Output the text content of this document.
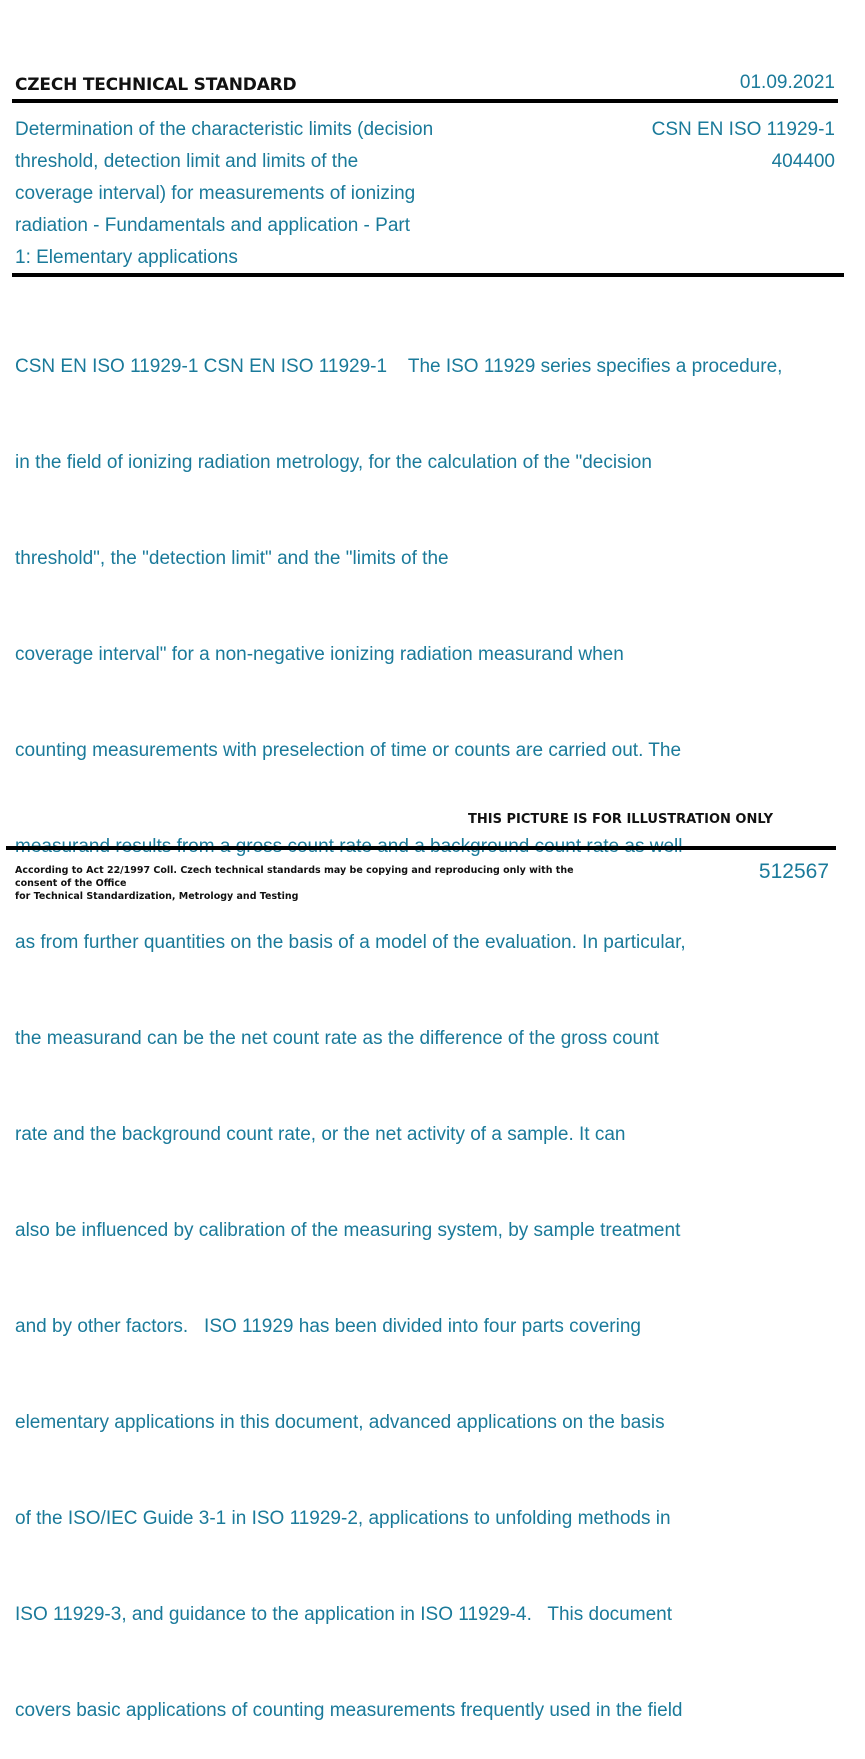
CZECH TECHNICAL STANDARD	01.09.2021
Determination of the characteristic limits (decision
threshold, detection limit and limits of the
coverage interval) for measurements of ionizing
radiation - Fundamentals and application - Part
1: Elementary applications
CSN EN ISO 11929-1
404400

CSN EN ISO 11929-1 CSN EN ISO 11929-1    The ISO 11929 series specifies a procedure,

in the field of ionizing radiation metrology, for the calculation of the "decision

threshold", the "detection limit" and the "limits of the

coverage interval" for a non-negative ionizing radiation measurand when

counting measurements with preselection of time or counts are carried out. The

as from further quantities on the basis of a model of the evaluation. In particular,

the measurand can be the net count rate as the difference of the gross count

rate and the background count rate, or the net activity of a sample. It can

also be influenced by calibration of the measuring system, by sample treatment

and by other factors.   ISO 11929 has been divided into four parts covering

elementary applications in this document, advanced applications on the basis

of the ISO/IEC Guide 3-1 in ISO 11929-2, applications to unfolding methods in

ISO 11929-3, and guidance to the application in ISO 11929-4.   This document

covers basic applications of counting measurements frequently used in the field

THIS PICTURE IS FOR ILLUSTRATION ONLY
According to Act 22/1997 Coll. Czech technical standards may be copying and reproducing only with the consent of the Office
for Technical Standardization, Metrology and Testing
512567
